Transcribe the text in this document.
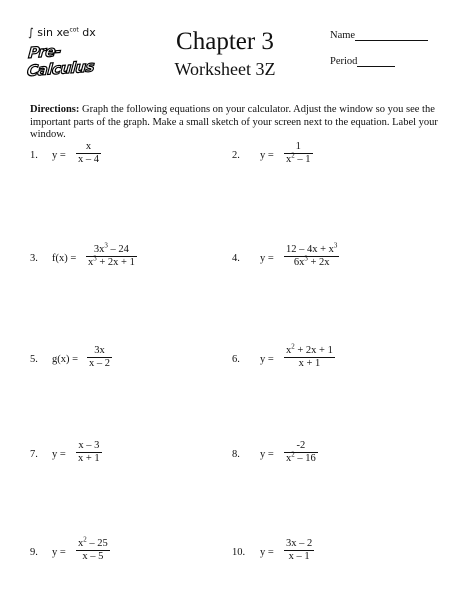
∫ $\sin xe^{cot}$ dx
Pre-Calculus
Chapter 3
Worksheet 3Z
Name
Period
Directions: Graph the following equations on your calculator. Adjust the window so you see the important parts of the graph. Make a small sketch of your screen next to the equation. Label your window.
1. $y = \frac{x}{x - 4}$	2. $y = \frac{1}{x^2 - 1}$
3. $f(x) = \frac{3x^3 - 24}{x^3 + 2x + 1}$	4. $y = \frac{12 - 4x + x^3}{6x^3 + 2x}$
5. $g(x) = \frac{3x}{x - 2}$	6. $y = \frac{x^2 + 2x + 1}{x + 1}$
7. $y = \frac{x - 3}{x + 1}$	8. $y = \frac{-2}{x^2 - 16}$
9. $y = \frac{x^2 - 25}{x - 5}$	10. $y = \frac{3x - 2}{x - 1}$
